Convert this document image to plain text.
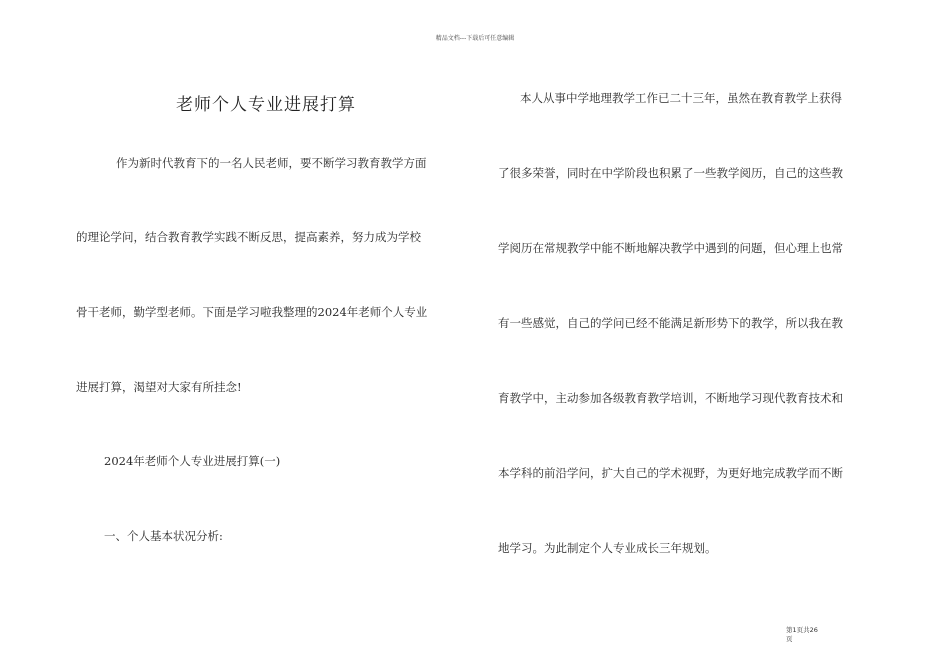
精品文档---下载后可任意编辑
老师个人专业进展打算
作为新时代教育下的一名人民老师，要不断学习教育教学方面
的理论学问，结合教育教学实践不断反思，提高素养，努力成为学校
骨干老师，勤学型老师。下面是学习啦我整理的2024年老师个人专业
进展打算，渴望对大家有所挂念!
2024年老师个人专业进展打算(一)
一、个人基本状况分析:
本人从事中学地理教学工作已二十三年，虽然在教育教学上获得
了很多荣誉，同时在中学阶段也积累了一些教学阅历，自己的这些教
学阅历在常规教学中能不断地解决教学中遇到的问题，但心理上也常
有一些感觉，自己的学问已经不能满足新形势下的教学，所以我在教
育教学中，主动参加各级教育教学培训，不断地学习现代教育技术和
本学科的前沿学问，扩大自己的学术视野，为更好地完成教学而不断
地学习。为此制定个人专业成长三年规划。
第1页共26
页
